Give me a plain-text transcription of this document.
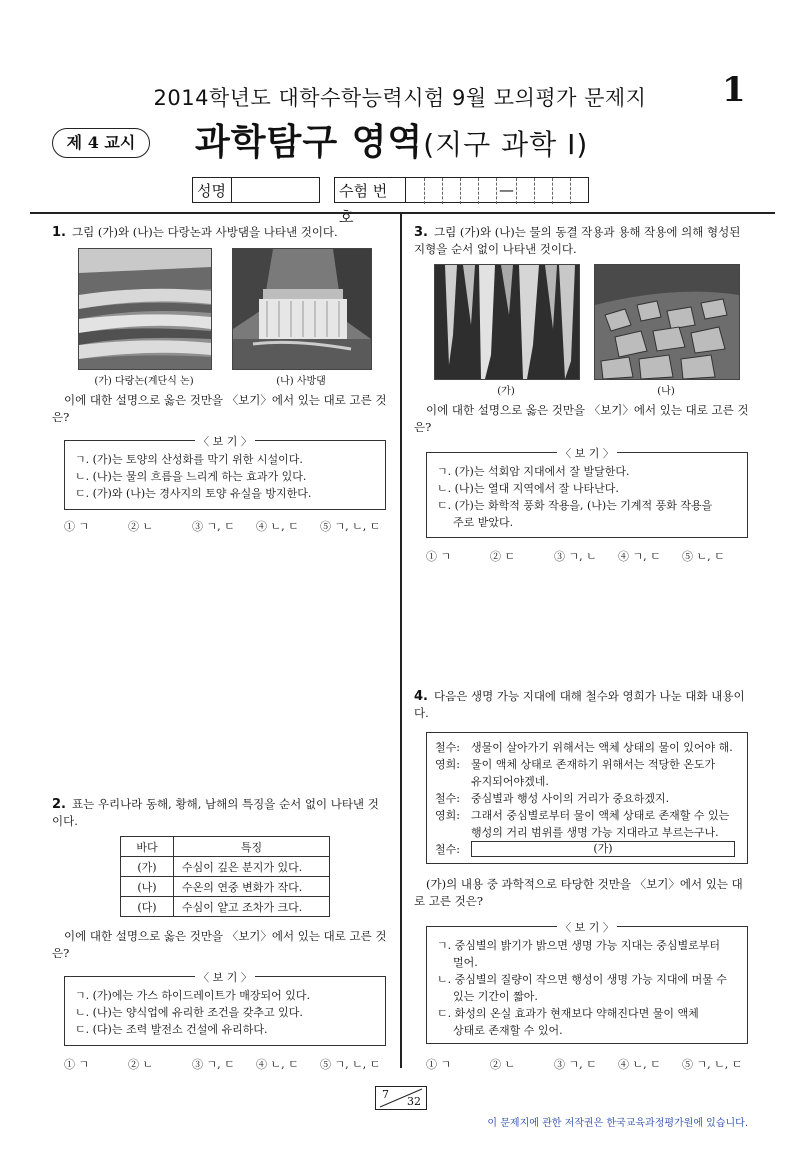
2014학년도 대학수학능력시험 9월 모의평가 문제지	1
제 4 교시	과학탐구 영역(지구 과학 Ⅰ)
성명	수험 번호
—
1. 그림 (가)와 (나)는 다랑논과 사방댐을 나타낸 것이다.
(가) 다랑논(계단식 논)	(나) 사방댐
이에 대한 설명으로 옳은 것만을 〈보기〉에서 있는 대로 고른 것은?
〈 보 기 〉
ㄱ. (가)는 토양의 산성화를 막기 위한 시설이다.
ㄴ. (나)는 물의 흐름을 느리게 하는 효과가 있다.
ㄷ. (가)와 (나)는 경사지의 토양 유실을 방지한다.
① ㄱ	② ㄴ	③ ㄱ, ㄷ	④ ㄴ, ㄷ	⑤ ㄱ, ㄴ, ㄷ
2. 표는 우리나라 동해, 황해, 남해의 특징을 순서 없이 나타낸 것이다.
바다	특징
(가)	수심이 깊은 분지가 있다.
(나)	수온의 연중 변화가 작다.
(다)	수심이 얕고 조차가 크다.
이에 대한 설명으로 옳은 것만을 〈보기〉에서 있는 대로 고른 것은?
〈 보 기 〉
ㄱ. (가)에는 가스 하이드레이트가 매장되어 있다.
ㄴ. (나)는 양식업에 유리한 조건을 갖추고 있다.
ㄷ. (다)는 조력 발전소 건설에 유리하다.
① ㄱ	② ㄴ	③ ㄱ, ㄷ	④ ㄴ, ㄷ	⑤ ㄱ, ㄴ, ㄷ
3. 그림 (가)와 (나)는 물의 동결 작용과 용해 작용에 의해 형성된 지형을 순서 없이 나타낸 것이다.
(가)	(나)
이에 대한 설명으로 옳은 것만을 〈보기〉에서 있는 대로 고른 것은?
〈 보 기 〉
ㄱ. (가)는 석회암 지대에서 잘 발달한다.
ㄴ. (나)는 열대 지역에서 잘 나타난다.
ㄷ. (가)는 화학적 풍화 작용을, (나)는 기계적 풍화 작용을
주로 받았다.
① ㄱ	② ㄷ	③ ㄱ, ㄴ	④ ㄱ, ㄷ	⑤ ㄴ, ㄷ
4. 다음은 생명 가능 지대에 대해 철수와 영희가 나눈 대화 내용이다.
철수:	생물이 살아가기 위해서는 액체 상태의 물이 있어야 해.
영희:	물이 액체 상태로 존재하기 위해서는 적당한 온도가
유지되어야겠네.
철수:	중심별과 행성 사이의 거리가 중요하겠지.
영희:	그래서 중심별로부터 물이 액체 상태로 존재할 수 있는
행성의 거리 범위를 생명 가능 지대라고 부르는구나.
철수:	(가)
(가)의 내용 중 과학적으로 타당한 것만을 〈보기〉에서 있는 대로 고른 것은?
〈 보 기 〉
ㄱ. 중심별의 밝기가 밝으면 생명 가능 지대는 중심별로부터
멀어.
ㄴ. 중심별의 질량이 작으면 행성이 생명 가능 지대에 머물 수
있는 기간이 짧아.
ㄷ. 화성의 온실 효과가 현재보다 약해진다면 물이 액체
상태로 존재할 수 있어.
① ㄱ	② ㄴ	③ ㄱ, ㄷ	④ ㄴ, ㄷ	⑤ ㄱ, ㄴ, ㄷ
7
32
이 문제지에 관한 저작권은 한국교육과정평가원에 있습니다.
